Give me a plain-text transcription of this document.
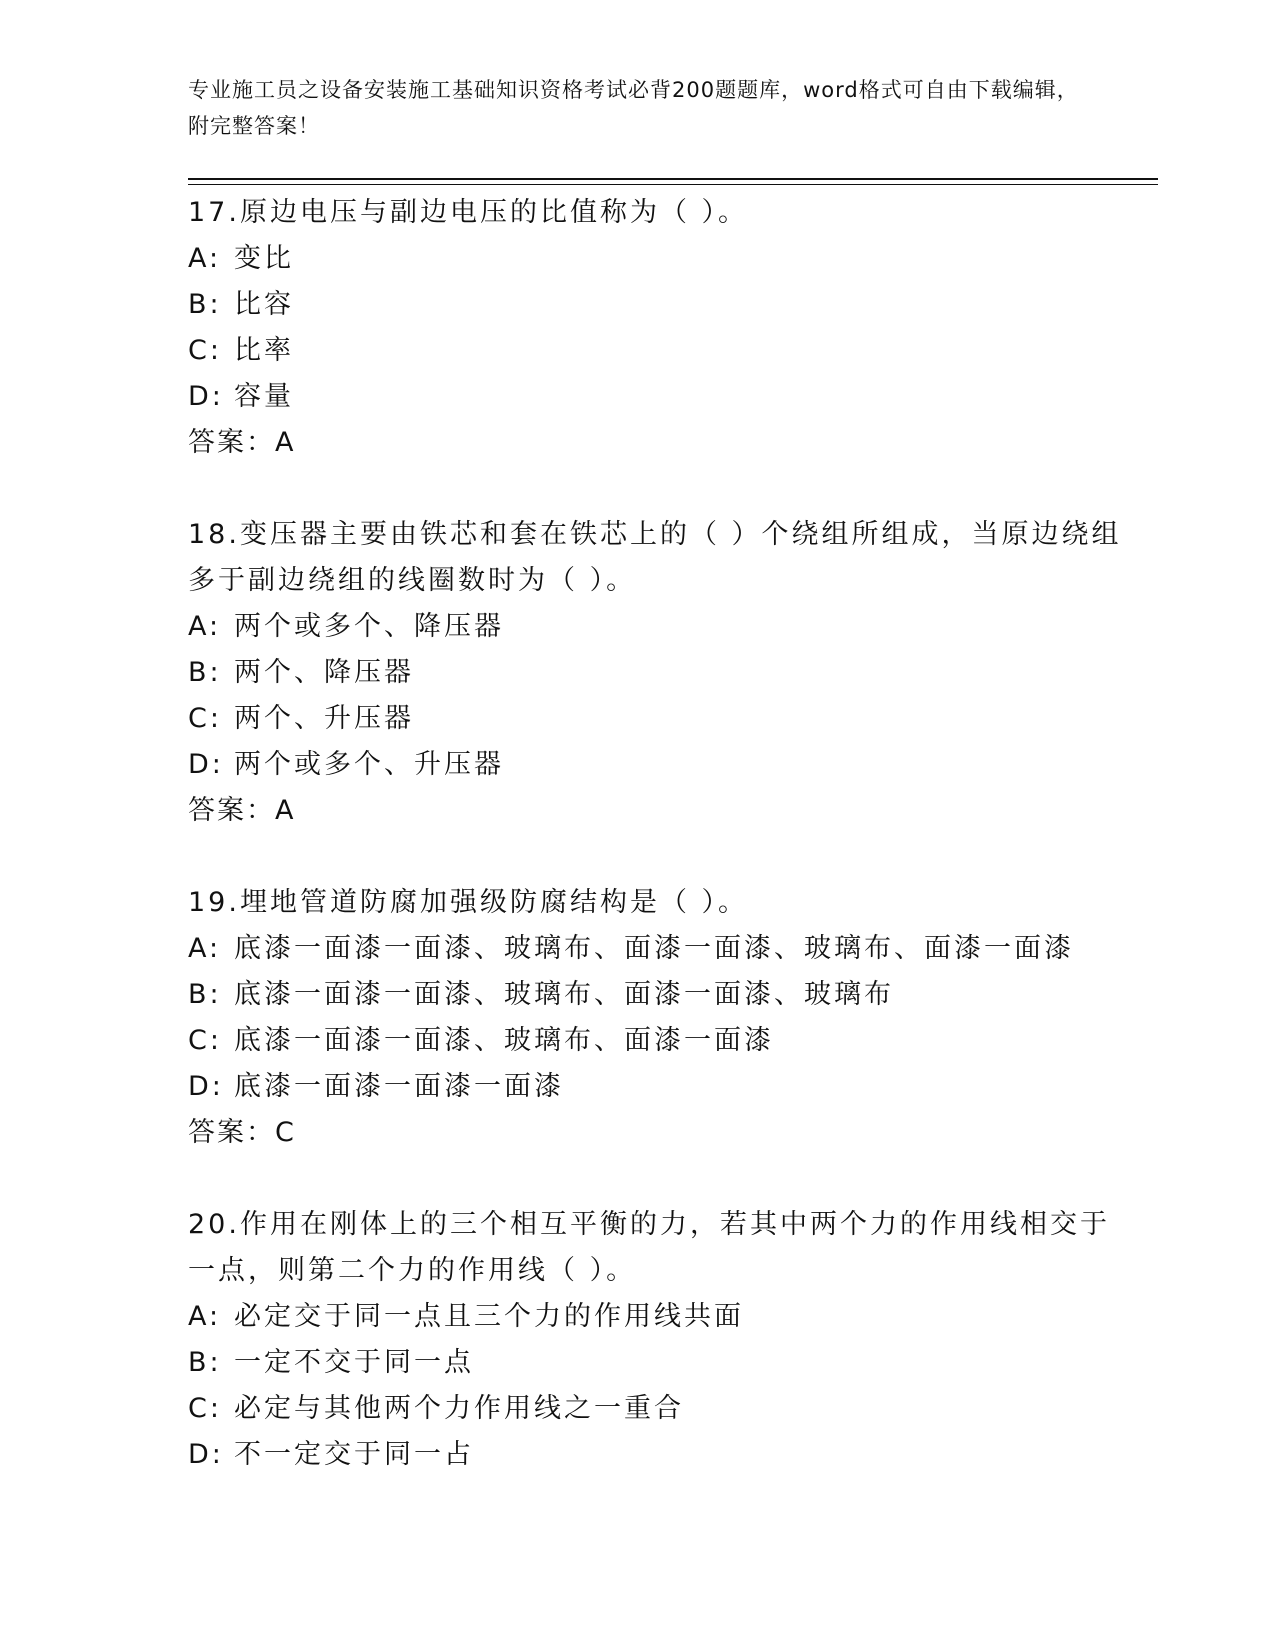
专业施工员之设备安装施工基础知识资格考试必背200题题库，word格式可自由下载编辑，附完整答案！
17.原边电压与副边电压的比值称为（ ）。
A: 变比
B: 比容
C: 比率
D: 容量
答案：A
18.变压器主要由铁芯和套在铁芯上的（ ）个绕组所组成，当原边绕组多于副边绕组的线圈数时为（ ）。
A: 两个或多个、降压器
B: 两个、降压器
C: 两个、升压器
D: 两个或多个、升压器
答案：A
19.埋地管道防腐加强级防腐结构是（ ）。
A: 底漆一面漆一面漆、玻璃布、面漆一面漆、玻璃布、面漆一面漆
B: 底漆一面漆一面漆、玻璃布、面漆一面漆、玻璃布
C: 底漆一面漆一面漆、玻璃布、面漆一面漆
D: 底漆一面漆一面漆一面漆
答案：C
20.作用在刚体上的三个相互平衡的力，若其中两个力的作用线相交于一点，则第二个力的作用线（ ）。
A: 必定交于同一点且三个力的作用线共面
B: 一定不交于同一点
C: 必定与其他两个力作用线之一重合
D: 不一定交于同一占
